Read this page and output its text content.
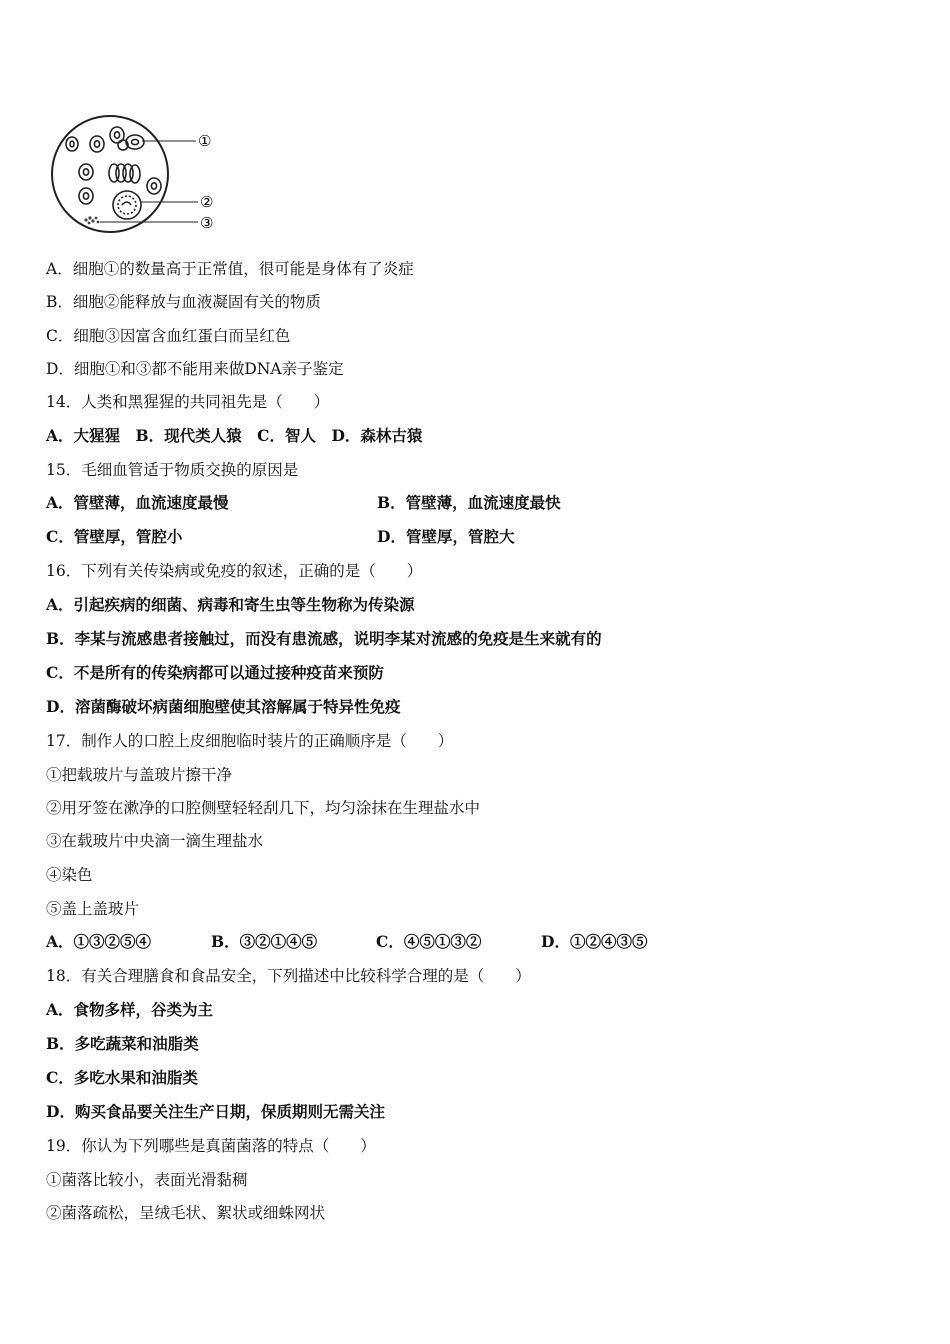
①
②
③
A．细胞①的数量高于正常值，很可能是身体有了炎症
B．细胞②能释放与血液凝固有关的物质
C．细胞③因富含血红蛋白而呈红色
D．细胞①和③都不能用来做DNA亲子鉴定
14．人类和黑猩猩的共同祖先是（　　）
A．大猩猩　B．现代类人猿　C．智人　D．森林古猿
15．毛细血管适于物质交换的原因是
A．管壁薄，血流速度最慢	B．管壁薄，血流速度最快
C．管壁厚，管腔小	D．管壁厚，管腔大
16．下列有关传染病或免疫的叙述，正确的是（　　）
A．引起疾病的细菌、病毒和寄生虫等生物称为传染源
B．李某与流感患者接触过，而没有患流感，说明李某对流感的免疫是生来就有的
C．不是所有的传染病都可以通过接种疫苗来预防
D．溶菌酶破坏病菌细胞壁使其溶解属于特异性免疫
17．制作人的口腔上皮细胞临时装片的正确顺序是（　　）
①把载玻片与盖玻片擦干净
②用牙签在漱净的口腔侧壁轻轻刮几下，均匀涂抹在生理盐水中
③在载玻片中央滴一滴生理盐水
④染色
⑤盖上盖玻片
A．①③②⑤④	B．③②①④⑤	C．④⑤①③②	D．①②④③⑤
18．有关合理膳食和食品安全，下列描述中比较科学合理的是（　　）
A．食物多样，谷类为主
B．多吃蔬菜和油脂类
C．多吃水果和油脂类
D．购买食品要关注生产日期，保质期则无需关注
19．你认为下列哪些是真菌菌落的特点（　　）
①菌落比较小，表面光滑黏稠
②菌落疏松，呈绒毛状、絮状或细蛛网状
